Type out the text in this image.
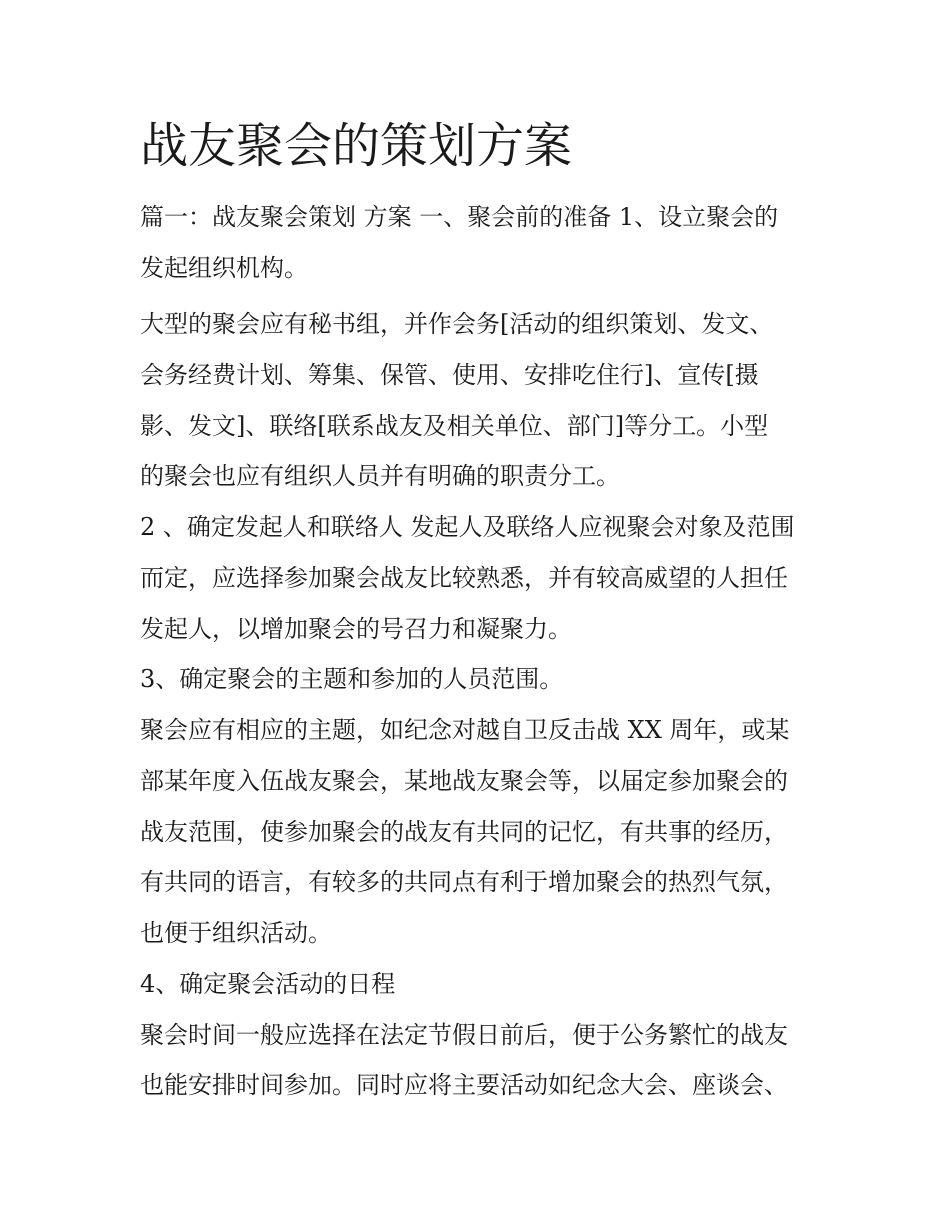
战友聚会的策划方案

篇一：战友聚会策划 方案 一、聚会前的准备 1、设立聚会的

发起组织机构。

大型的聚会应有秘书组，并作会务[活动的组织策划、发文、

会务经费计划、筹集、保管、使用、安排吃住行]、宣传[摄

影、发文]、联络[联系战友及相关单位、部门]等分工。小型

的聚会也应有组织人员并有明确的职责分工。

2 、确定发起人和联络人 发起人及联络人应视聚会对象及范围

而定，应选择参加聚会战友比较熟悉，并有较高威望的人担任

发起人，以增加聚会的号召力和凝聚力。

3、确定聚会的主题和参加的人员范围。

聚会应有相应的主题，如纪念对越自卫反击战 XX 周年，或某

部某年度入伍战友聚会，某地战友聚会等，以届定参加聚会的

战友范围，使参加聚会的战友有共同的记忆，有共事的经历，

有共同的语言，有较多的共同点有利于增加聚会的热烈气氛，

也便于组织活动。

4、确定聚会活动的日程

聚会时间一般应选择在法定节假日前后，便于公务繁忙的战友

也能安排时间参加。同时应将主要活动如纪念大会、座谈会、
